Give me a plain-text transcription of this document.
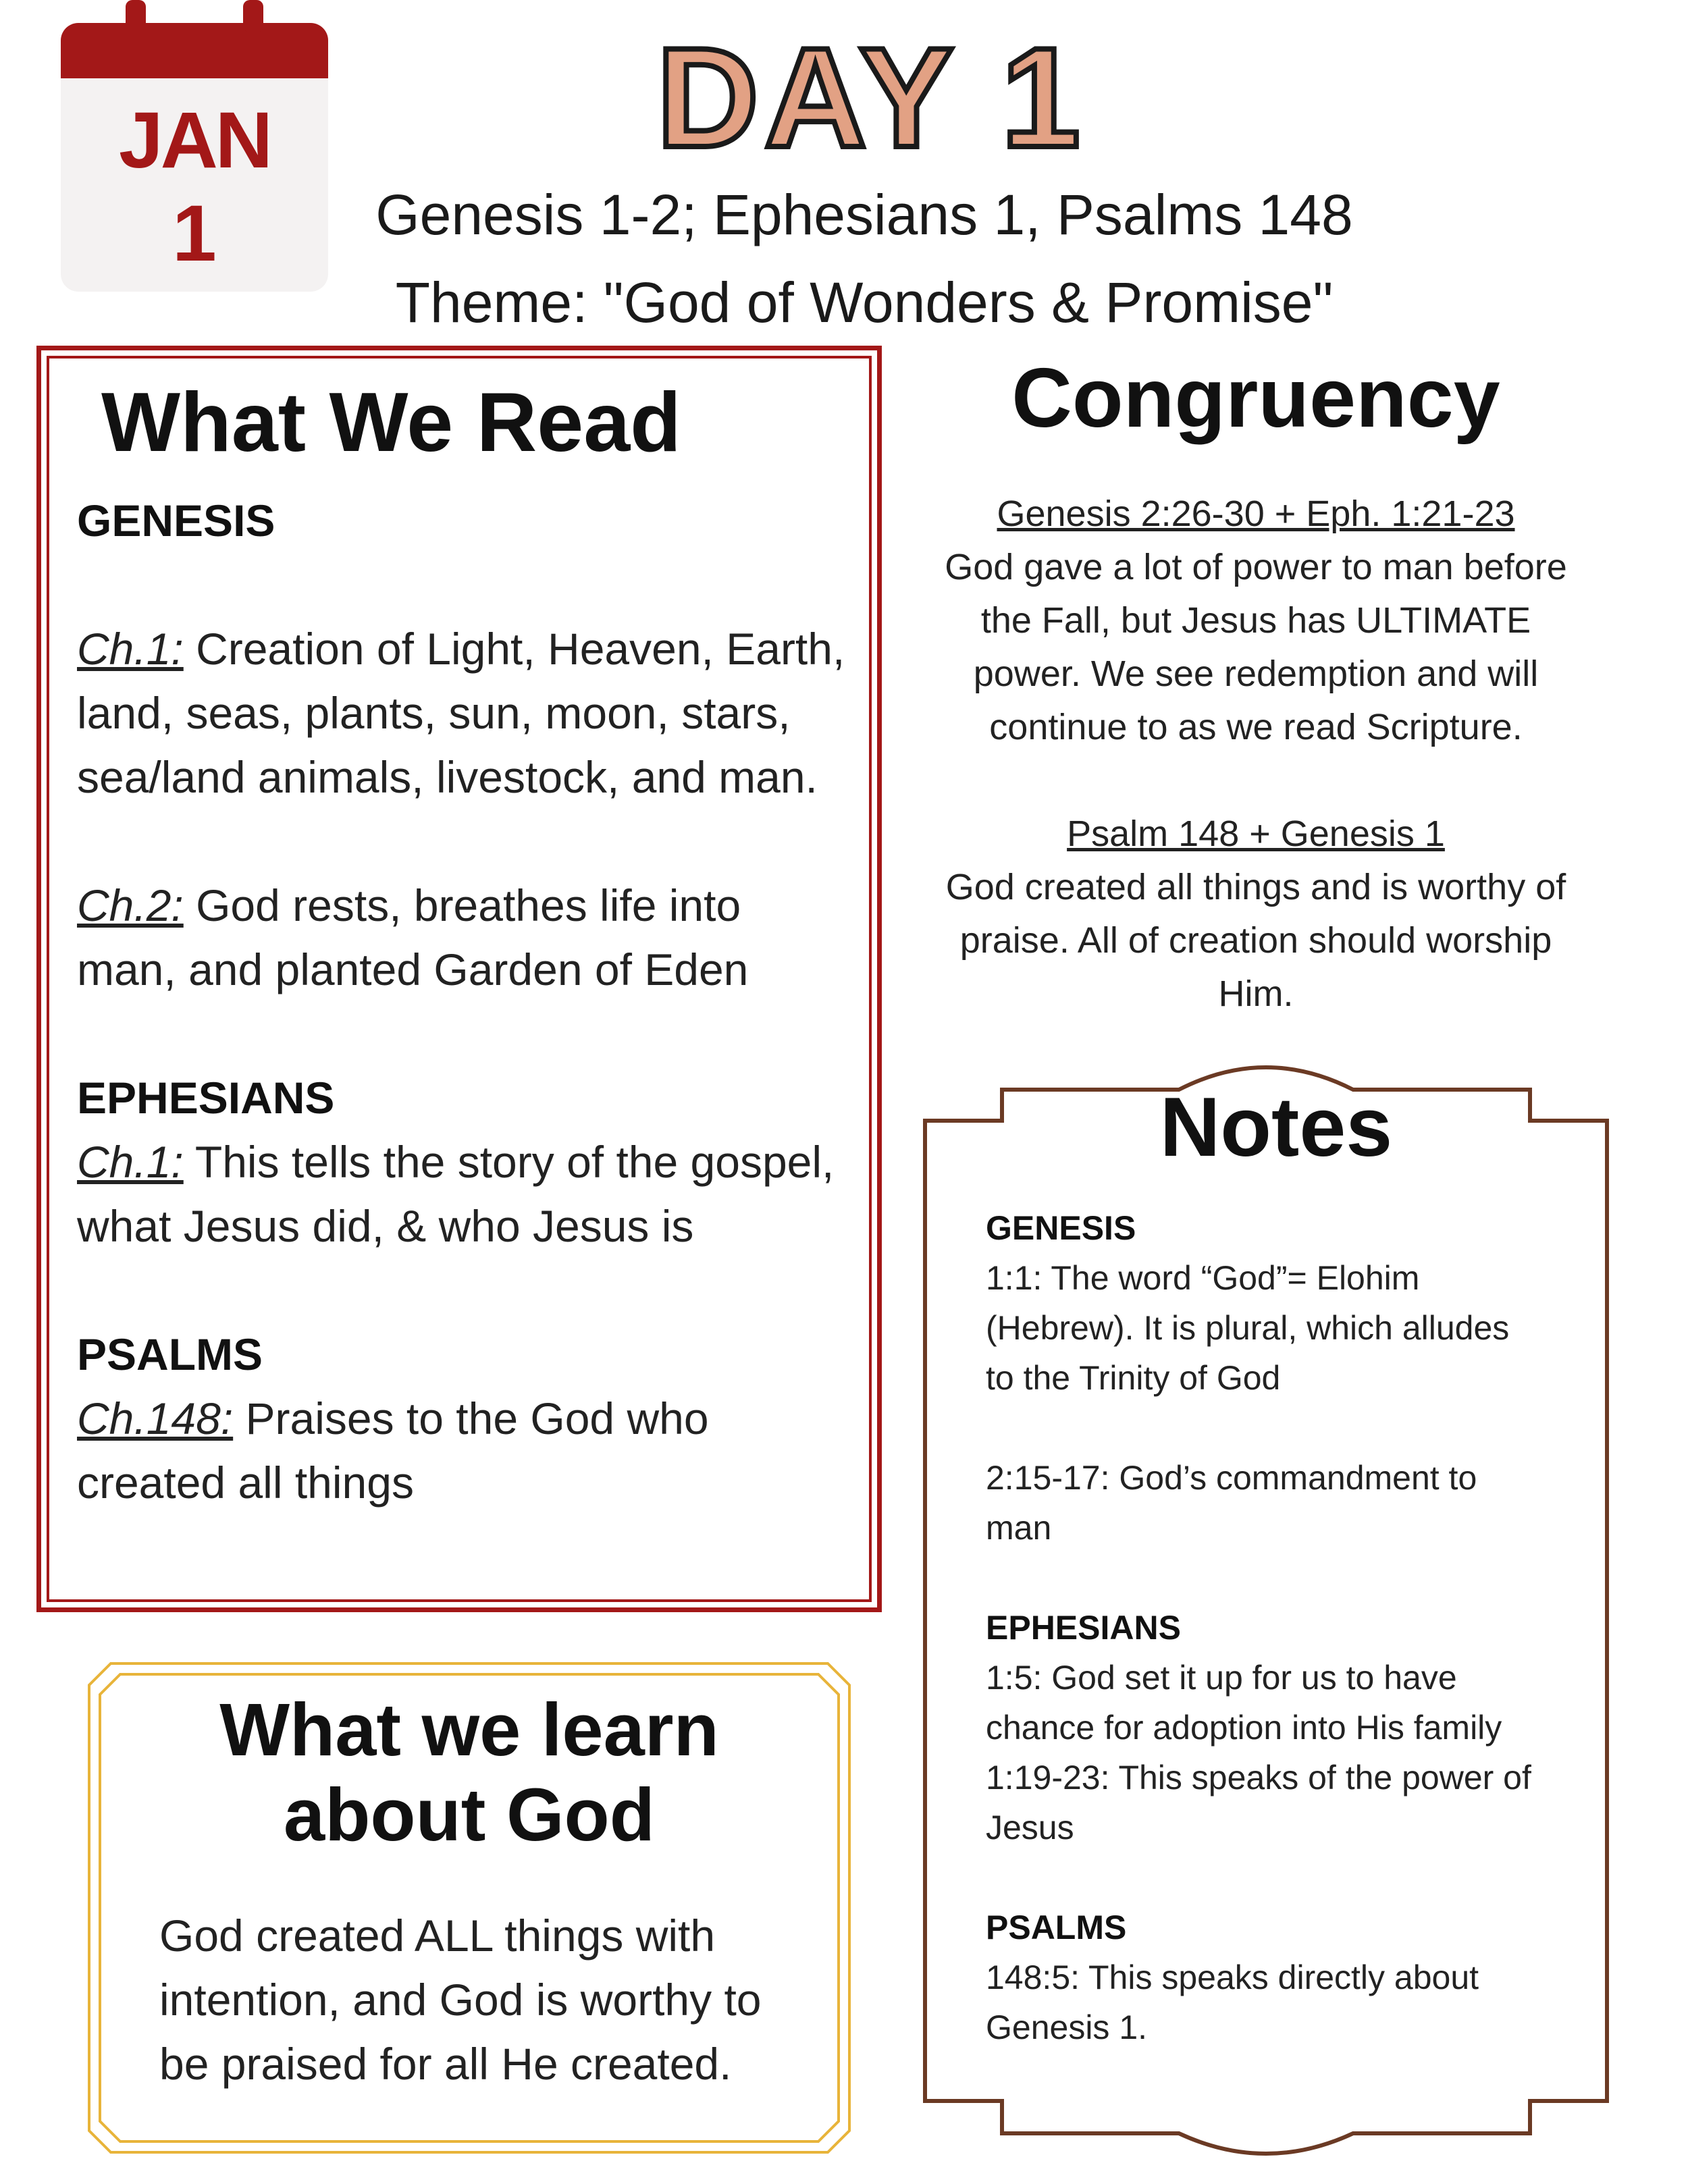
JAN
1
DAY 1
Genesis 1-2; Ephesians 1, Psalms 148
Theme: "God of Wonders & Promise"
What We Read
GENESIS
Ch.1: Creation of Light, Heaven, Earth, land, seas, plants, sun, moon, stars, sea/land animals, livestock, and man.
Ch.2: God rests, breathes life into man, and planted Garden of Eden
EPHESIANS
Ch.1: This tells the story of the gospel, what Jesus did, & who Jesus is
PSALMS
Ch.148: Praises to the God who created all things
Congruency
Genesis 2:26-30 + Eph. 1:21-23
God gave a lot of power to man before the Fall, but Jesus has ULTIMATE power. We see redemption and will continue to as we read Scripture.
Psalm 148 + Genesis 1
God created all things and is worthy of praise. All of creation should worship Him.
Notes
GENESIS
1:1: The word “God”= Elohim (Hebrew). It is plural, which alludes to the Trinity of God
2:15-17: God’s commandment to man
EPHESIANS
1:5: God set it up for us to have chance for adoption into His family
1:19-23: This speaks of the power of Jesus
PSALMS
148:5: This speaks directly about Genesis 1.
What we learn
about God
God created ALL things with intention, and God is worthy to be praised for all He created.
